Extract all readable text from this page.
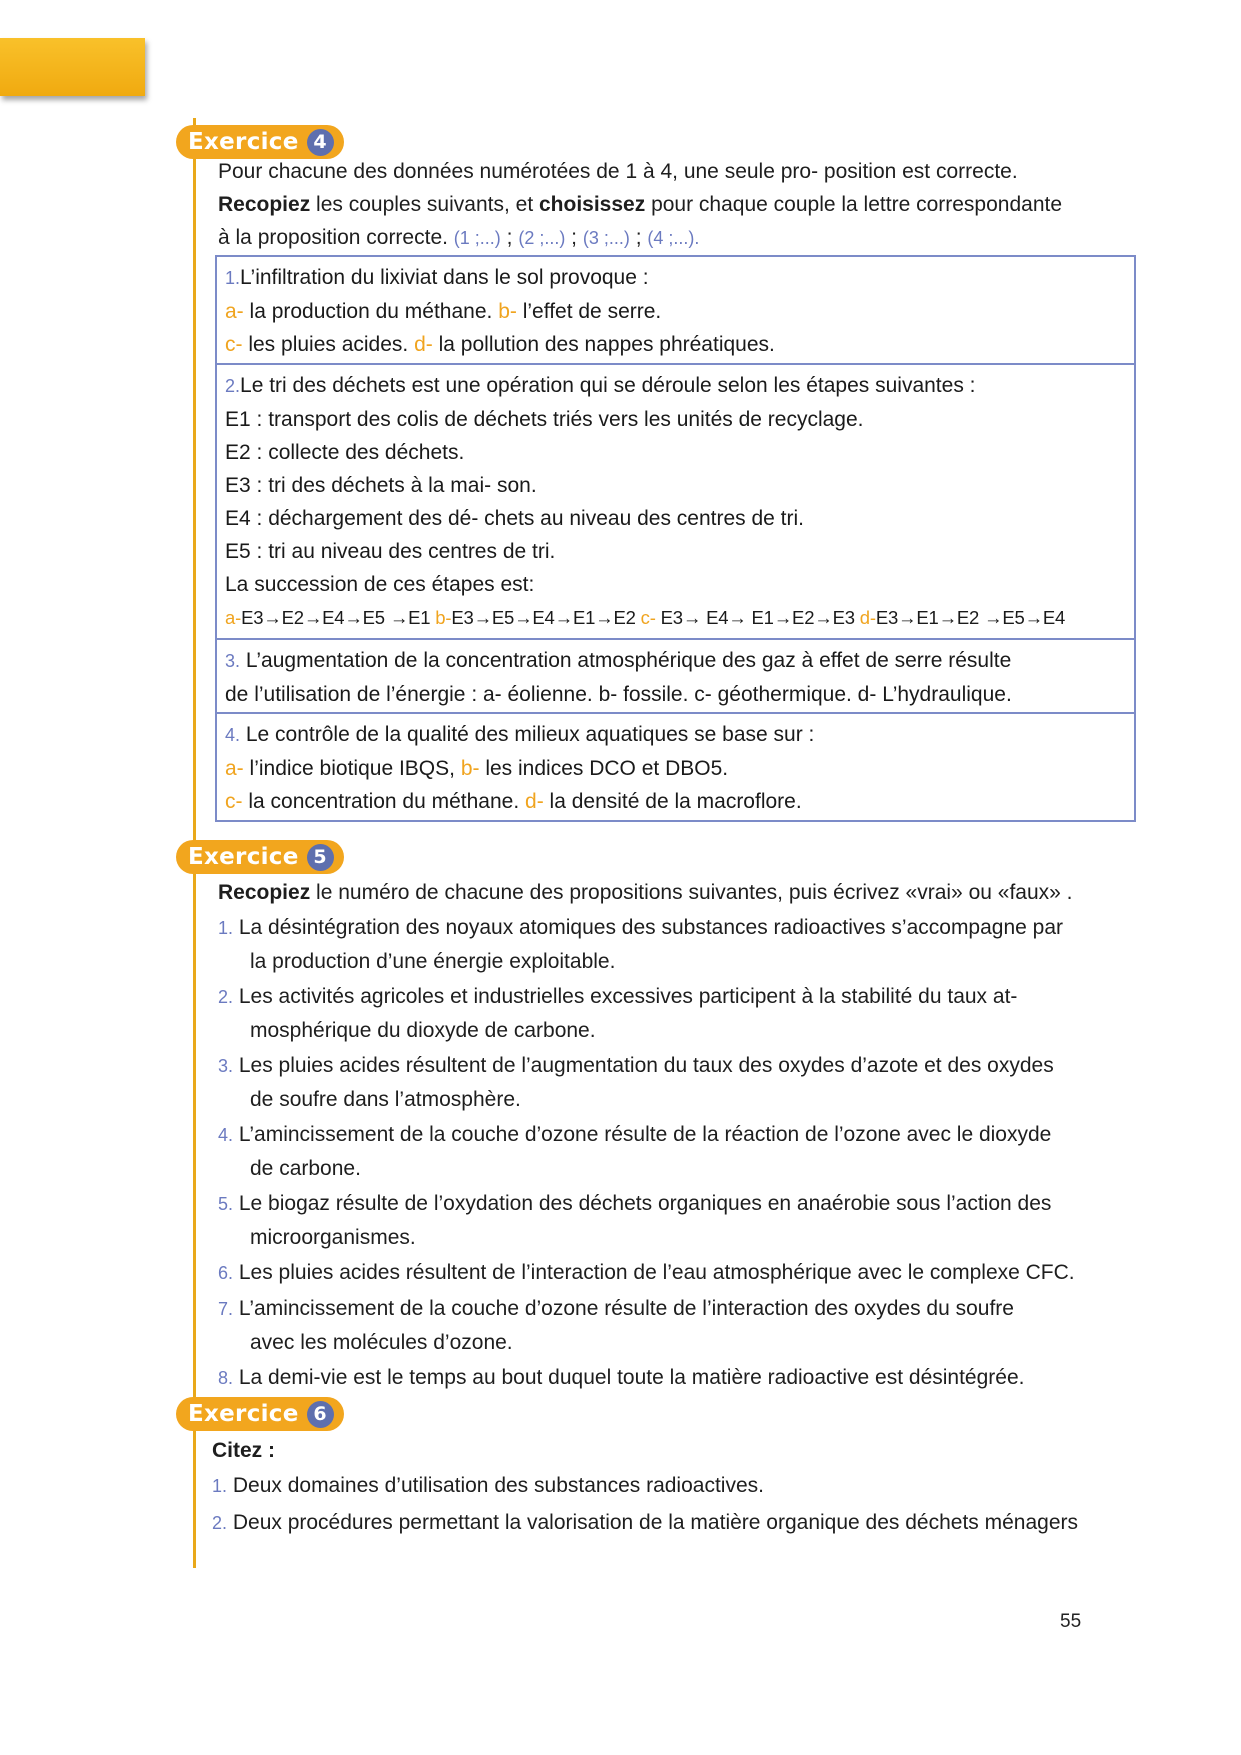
Exercice 4
Pour chacune des données numérotées de 1 à 4, une seule pro- position est correcte.
Recopiez les couples suivants, et choisissez pour chaque couple la lettre correspondante
à la proposition correcte. (1 ;...) ; (2 ;...) ; (3 ;...) ; (4 ;...).
1.L’infiltration du lixiviat dans le sol provoque :
a- la production du méthane. b- l’effet de serre.
c- les pluies acides. d- la pollution des nappes phréatiques.
2.Le tri des déchets est une opération qui se déroule selon les étapes suivantes :
E1 : transport des colis de déchets triés vers les unités de recyclage.
E2 : collecte des déchets.
E3 : tri des déchets à la mai- son.
E4 : déchargement des dé- chets au niveau des centres de tri.
E5 : tri au niveau des centres de tri.
La succession de ces étapes est:
a-E3→E2→E4→E5 →E1 b-E3→E5→E4→E1→E2 c- E3→ E4→ E1→E2→E3 d-E3→E1→E2 →E5→E4
3. L’augmentation de la concentration atmosphérique des gaz à effet de serre résulte
de l’utilisation de l’énergie : a- éolienne. b- fossile. c- géothermique. d- L’hydraulique.
4. Le contrôle de la qualité des milieux aquatiques se base sur :
a- l’indice biotique IBQS, b- les indices DCO et DBO5.
c- la concentration du méthane. d- la densité de la macroflore.
Exercice 5
Recopiez le numéro de chacune des propositions suivantes, puis écrivez «vrai» ou «faux» .
1. La désintégration des noyaux atomiques des substances radioactives s’accompagne par
la production d’une énergie exploitable.
2. Les activités agricoles et industrielles excessives participent à la stabilité du taux at-
mosphérique du dioxyde de carbone.
3. Les pluies acides résultent de l’augmentation du taux des oxydes d’azote et des oxydes
de soufre dans l’atmosphère.
4. L’amincissement de la couche d’ozone résulte de la réaction de l’ozone avec le dioxyde
de carbone.
5. Le biogaz résulte de l’oxydation des déchets organiques en anaérobie sous l’action des
microorganismes.
6. Les pluies acides résultent de l’interaction de l’eau atmosphérique avec le complexe CFC.
7. L’amincissement de la couche d’ozone résulte de l’interaction des oxydes du soufre
avec les molécules d’ozone.
8. La demi-vie est le temps au bout duquel toute la matière radioactive est désintégrée.
Exercice 6
Citez :
1. Deux domaines d’utilisation des substances radioactives.
2. Deux procédures permettant la valorisation de la matière organique des déchets ménagers
55
